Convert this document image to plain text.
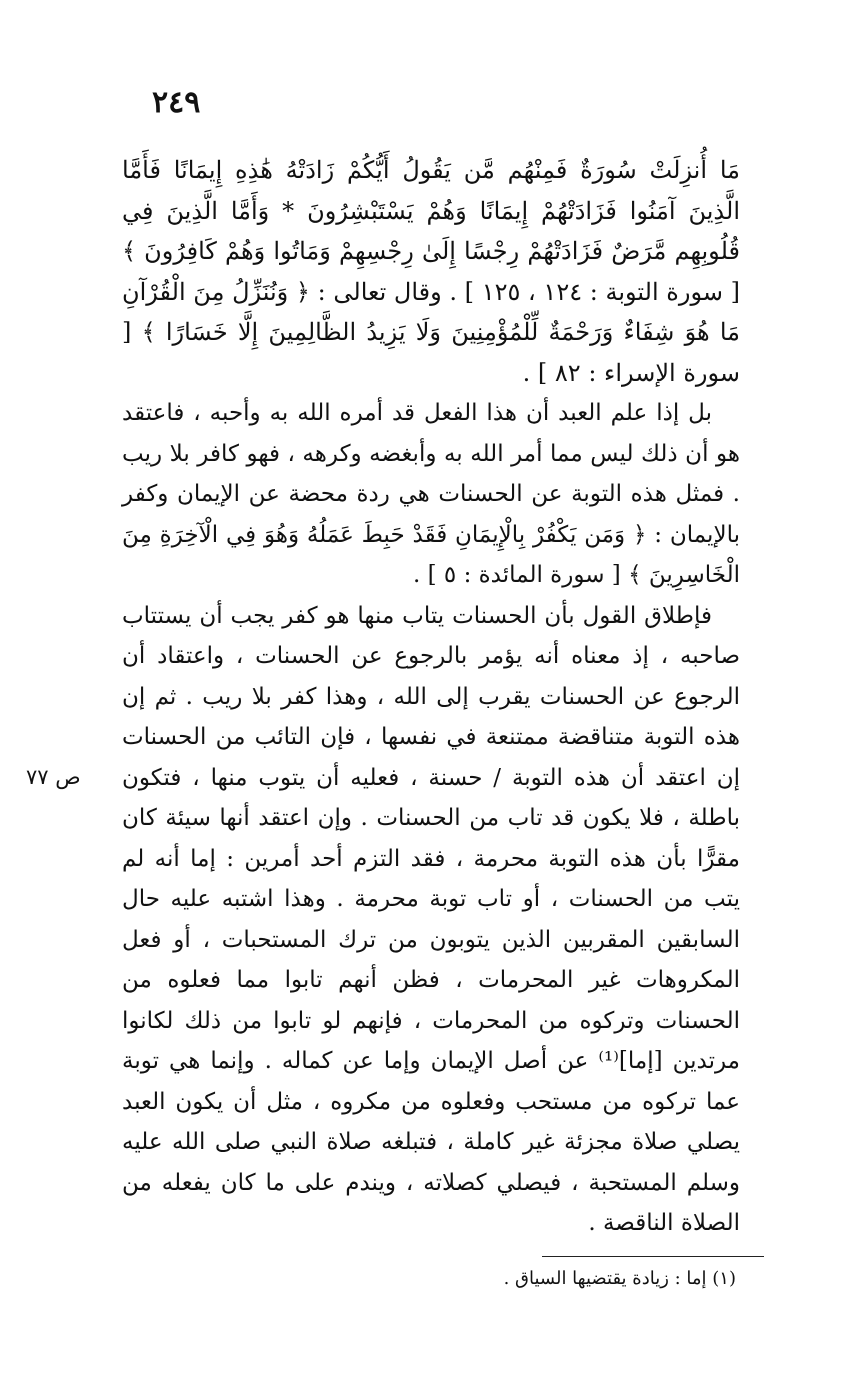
٢٤٩
ص ٧٧

مَا أُنزِلَتْ سُورَةٌ فَمِنْهُم مَّن يَقُولُ أَيُّكُمْ زَادَتْهُ هَٰذِهِ إِيمَانًا فَأَمَّا الَّذِينَ آمَنُوا فَزَادَتْهُمْ إِيمَانًا وَهُمْ يَسْتَبْشِرُونَ * وَأَمَّا الَّذِينَ فِي قُلُوبِهِم مَّرَضٌ فَزَادَتْهُمْ رِجْسًا إِلَىٰ رِجْسِهِمْ وَمَاتُوا وَهُمْ كَافِرُونَ ﴾ [ سورة التوبة : ١٢٤ ، ١٢٥ ] . وقال تعالى : ﴿ وَنُنَزِّلُ مِنَ الْقُرْآنِ مَا هُوَ شِفَاءٌ وَرَحْمَةٌ لِّلْمُؤْمِنِينَ وَلَا يَزِيدُ الظَّالِمِينَ إِلَّا خَسَارًا ﴾ [ سورة الإسراء : ٨٢ ] .

بل إذا علم العبد أن هذا الفعل قد أمره الله به وأحبه ، فاعتقد هو أن ذلك ليس مما أمر الله به وأبغضه وكرهه ، فهو كافر بلا ريب . فمثل هذه التوبة عن الحسنات هي ردة محضة عن الإيمان وكفر بالإيمان : ﴿ وَمَن يَكْفُرْ بِالْإِيمَانِ فَقَدْ حَبِطَ عَمَلُهُ وَهُوَ فِي الْآخِرَةِ مِنَ الْخَاسِرِينَ ﴾ [ سورة المائدة : ٥ ] .

فإطلاق القول بأن الحسنات يتاب منها هو كفر يجب أن يستتاب صاحبه ، إذ معناه أنه يؤمر بالرجوع عن الحسنات ، واعتقاد أن الرجوع عن الحسنات يقرب إلى الله ، وهذا كفر بلا ريب . ثم إن هذه التوبة متناقضة ممتنعة في نفسها ، فإن التائب من الحسنات إن اعتقد أن هذه التوبة / حسنة ، فعليه أن يتوب منها ، فتكون باطلة ، فلا يكون قد تاب من الحسنات . وإن اعتقد أنها سيئة كان مقرًّا بأن هذه التوبة محرمة ، فقد التزم أحد أمرين : إما أنه لم يتب من الحسنات ، أو تاب توبة محرمة . وهذا اشتبه عليه حال السابقين المقربين الذين يتوبون من ترك المستحبات ، أو فعل المكروهات غير المحرمات ، فظن أنهم تابوا مما فعلوه من الحسنات وتركوه من المحرمات ، فإنهم لو تابوا من ذلك لكانوا مرتدين [إما]⁽¹⁾ عن أصل الإيمان وإما عن كماله . وإنما هي توبة عما تركوه من مستحب وفعلوه من مكروه ، مثل أن يكون العبد يصلي صلاة مجزئة غير كاملة ، فتبلغه صلاة النبي صلى الله عليه وسلم المستحبة ، فيصلي كصلاته ، ويندم على ما كان يفعله من الصلاة الناقصة .

(١) إما : زيادة يقتضيها السياق .
